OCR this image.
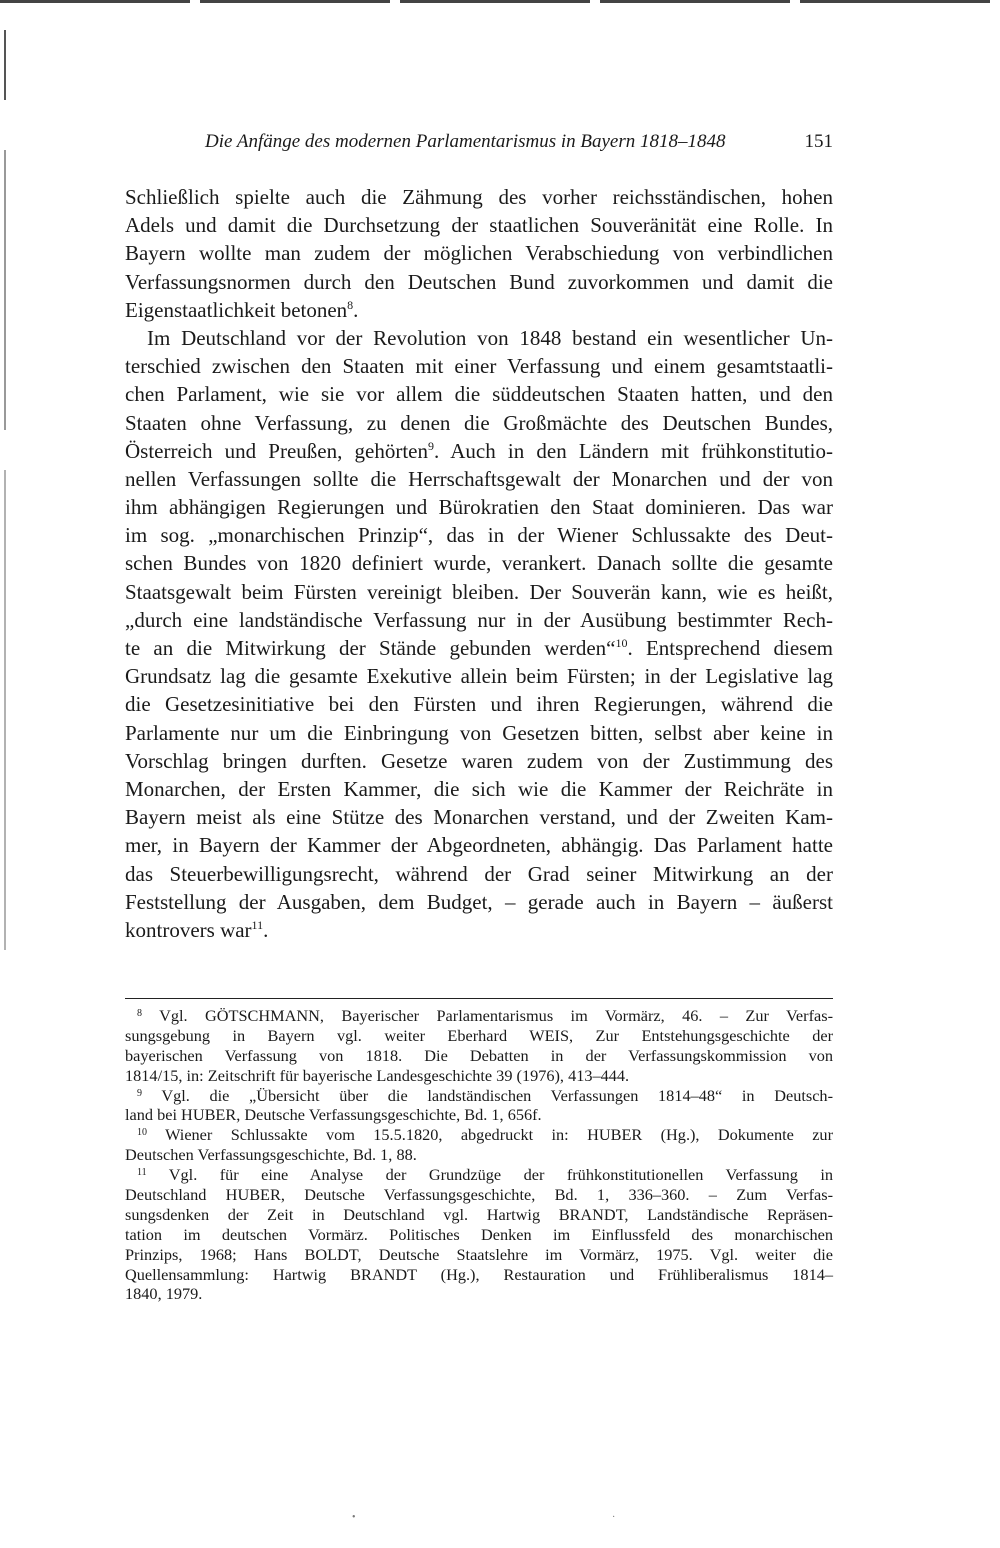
Die Anfänge des modernen Parlamentarismus in Bayern 1818–1848	151
Schließlich spielte auch die Zähmung des vorher reichsständischen, hohen
Adels und damit die Durchsetzung der staatlichen Souveränität eine Rolle. In
Bayern wollte man zudem der möglichen Verabschiedung von verbindlichen
Verfassungsnormen durch den Deutschen Bund zuvorkommen und damit die
Eigenstaatlichkeit betonen$^8$.
Im Deutschland vor der Revolution von 1848 bestand ein wesentlicher Un-
terschied zwischen den Staaten mit einer Verfassung und einem gesamtstaatli-
chen Parlament, wie sie vor allem die süddeutschen Staaten hatten, und den
Staaten ohne Verfassung, zu denen die Großmächte des Deutschen Bundes,
Österreich und Preußen, gehörten$^9$. Auch in den Ländern mit frühkonstitutio-
nellen Verfassungen sollte die Herrschaftsgewalt der Monarchen und der von
ihm abhängigen Regierungen und Bürokratien den Staat dominieren. Das war
im sog. „monarchischen Prinzip“, das in der Wiener Schlussakte des Deut-
schen Bundes von 1820 definiert wurde, verankert. Danach sollte die gesamte
Staatsgewalt beim Fürsten vereinigt bleiben. Der Souverän kann, wie es heißt,
„durch eine landständische Verfassung nur in der Ausübung bestimmter Rech-
te an die Mitwirkung der Stände gebunden werden“$^{10}$. Entsprechend diesem
Grundsatz lag die gesamte Exekutive allein beim Fürsten; in der Legislative lag
die Gesetzesinitiative bei den Fürsten und ihren Regierungen, während die
Parlamente nur um die Einbringung von Gesetzen bitten, selbst aber keine in
Vorschlag bringen durften. Gesetze waren zudem von der Zustimmung des
Monarchen, der Ersten Kammer, die sich wie die Kammer der Reichräte in
Bayern meist als eine Stütze des Monarchen verstand, und der Zweiten Kam-
mer, in Bayern der Kammer der Abgeordneten, abhängig. Das Parlament hatte
das Steuerbewilligungsrecht, während der Grad seiner Mitwirkung an der
Feststellung der Ausgaben, dem Budget, – gerade auch in Bayern – äußerst
kontrovers war$^{11}$.
$^8$ Vgl. GÖTSCHMANN, Bayerischer Parlamentarismus im Vormärz, 46. – Zur Verfas-
sungsgebung in Bayern vgl. weiter Eberhard WEIS, Zur Entstehungsgeschichte der
bayerischen Verfassung von 1818. Die Debatten in der Verfassungskommission von
1814/15, in: Zeitschrift für bayerische Landesgeschichte 39 (1976), 413–444.
$^9$ Vgl. die „Übersicht über die landständischen Verfassungen 1814–48“ in Deutsch-
land bei HUBER, Deutsche Verfassungsgeschichte, Bd. 1, 656f.
$^{10}$ Wiener Schlussakte vom 15.5.1820, abgedruckt in: HUBER (Hg.), Dokumente zur
Deutschen Verfassungsgeschichte, Bd. 1, 88.
$^{11}$ Vgl. für eine Analyse der Grundzüge der frühkonstitutionellen Verfassung in
Deutschland HUBER, Deutsche Verfassungsgeschichte, Bd. 1, 336–360. – Zum Verfas-
sungsdenken der Zeit in Deutschland vgl. Hartwig BRANDT, Landständische Repräsen-
tation im deutschen Vormärz. Politisches Denken im Einflussfeld des monarchischen
Prinzips, 1968; Hans BOLDT, Deutsche Staatslehre im Vormärz, 1975. Vgl. weiter die
Quellensammlung: Hartwig BRANDT (Hg.), Restauration und Frühliberalismus 1814–
1840, 1979.
•	·
